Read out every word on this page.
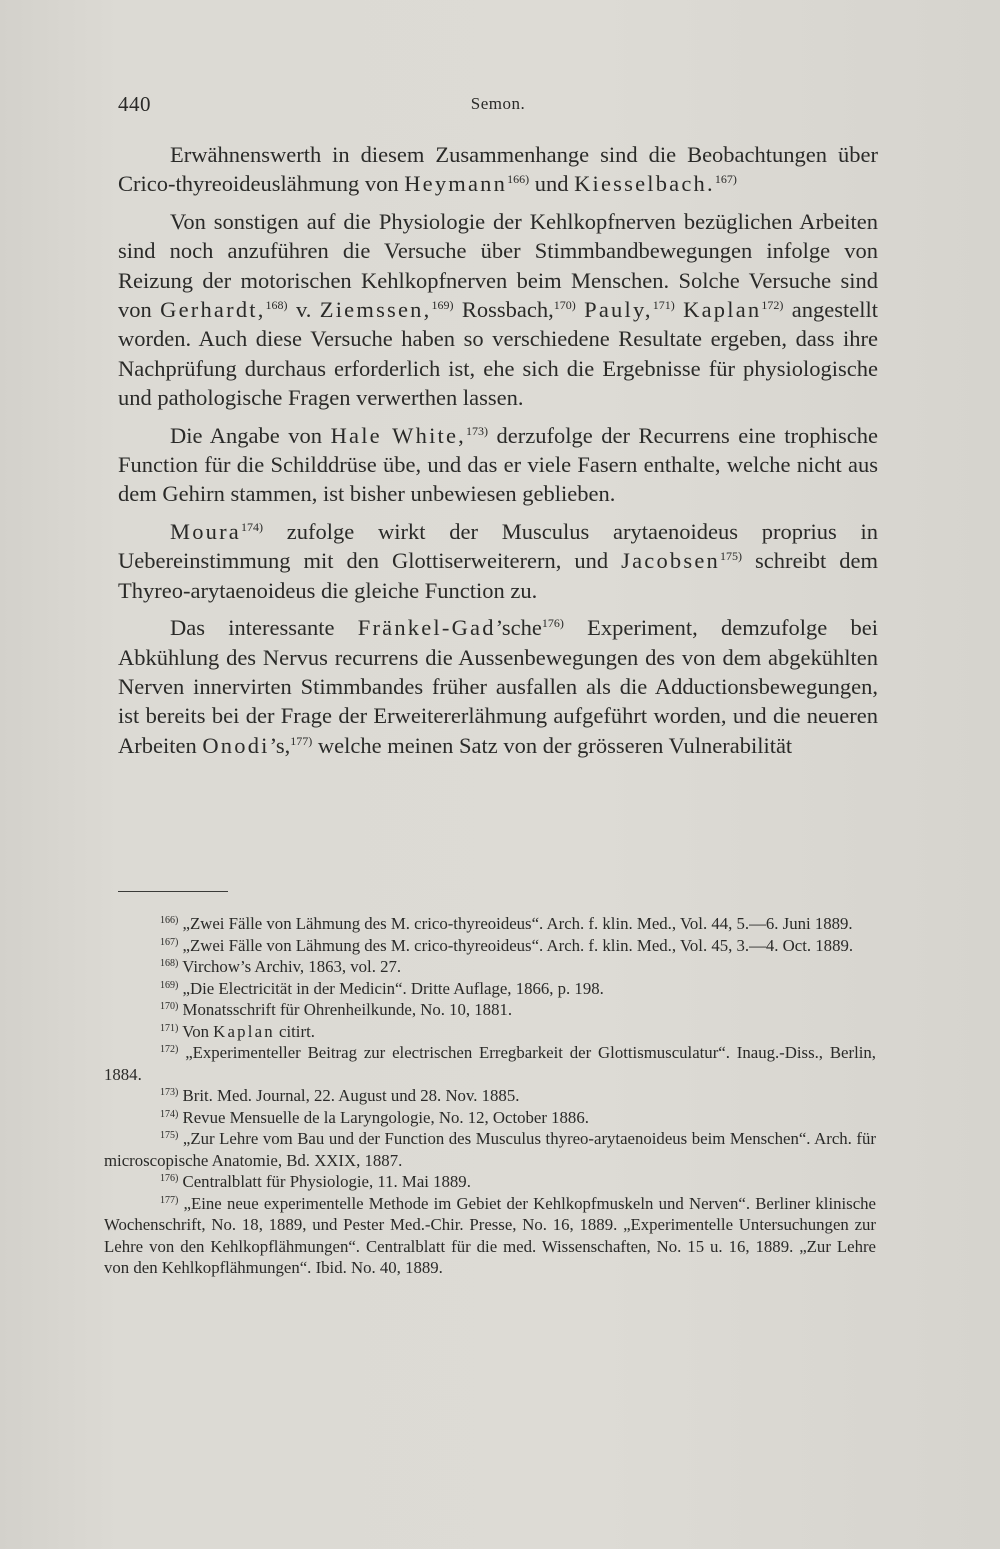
440	Semon.

Erwähnenswerth in diesem Zusammenhange sind die Beobachtungen über Crico-thyreoideuslähmung von Heymann$^{166)}$ und Kiesselbach.$^{167)}$

Von sonstigen auf die Physiologie der Kehlkopfnerven bezüglichen Arbeiten sind noch anzuführen die Versuche über Stimmbandbewegungen infolge von Reizung der motorischen Kehlkopfnerven beim Menschen. Solche Versuche sind von Gerhardt,$^{168)}$ v. Ziemssen,$^{169)}$ Rossbach,$^{170)}$ Pauly,$^{171)}$ Kaplan$^{172)}$ angestellt worden. Auch diese Versuche haben so verschiedene Resultate ergeben, dass ihre Nachprüfung durchaus erforderlich ist, ehe sich die Ergebnisse für physiologische und pathologische Fragen verwerthen lassen.

Die Angabe von Hale White,$^{173)}$ derzufolge der Recurrens eine trophische Function für die Schilddrüse übe, und das er viele Fasern enthalte, welche nicht aus dem Gehirn stammen, ist bisher unbewiesen geblieben.

Moura$^{174)}$ zufolge wirkt der Musculus arytaenoideus proprius in Uebereinstimmung mit den Glottiserweiterern, und Jacobsen$^{175)}$ schreibt dem Thyreo-arytaenoideus die gleiche Function zu.

Das interessante Fränkel-Gad’sche$^{176)}$ Experiment, demzufolge bei Abkühlung des Nervus recurrens die Aussenbewegungen des von dem abgekühlten Nerven innervirten Stimmbandes früher ausfallen als die Adductionsbewegungen, ist bereits bei der Frage der Erweitererlähmung aufgeführt worden, und die neueren Arbeiten Onodi’s,$^{177)}$ welche meinen Satz von der grösseren Vulnerabilität

$^{166)}$ „Zwei Fälle von Lähmung des M. crico-thyreoideus“. Arch. f. klin. Med., Vol. 44, 5.—6. Juni 1889.

$^{167)}$ „Zwei Fälle von Lähmung des M. crico-thyreoideus“. Arch. f. klin. Med., Vol. 45, 3.—4. Oct. 1889.

$^{168)}$ Virchow’s Archiv, 1863, vol. 27.

$^{169)}$ „Die Electricität in der Medicin“. Dritte Auflage, 1866, p. 198.

$^{170)}$ Monatsschrift für Ohrenheilkunde, No. 10, 1881.

$^{171)}$ Von Kaplan citirt.

$^{172)}$ „Experimenteller Beitrag zur electrischen Erregbarkeit der Glottismusculatur“. Inaug.-Diss., Berlin, 1884.

$^{173)}$ Brit. Med. Journal, 22. August und 28. Nov. 1885.

$^{174)}$ Revue Mensuelle de la Laryngologie, No. 12, October 1886.

$^{175)}$ „Zur Lehre vom Bau und der Function des Musculus thyreo-arytaenoideus beim Menschen“. Arch. für microscopische Anatomie, Bd. XXIX, 1887.

$^{176)}$ Centralblatt für Physiologie, 11. Mai 1889.

$^{177)}$ „Eine neue experimentelle Methode im Gebiet der Kehlkopfmuskeln und Nerven“. Berliner klinische Wochenschrift, No. 18, 1889, und Pester Med.-Chir. Presse, No. 16, 1889. „Experimentelle Untersuchungen zur Lehre von den Kehlkopflähmungen“. Centralblatt für die med. Wissenschaften, No. 15 u. 16, 1889. „Zur Lehre von den Kehlkopflähmungen“. Ibid. No. 40, 1889.
